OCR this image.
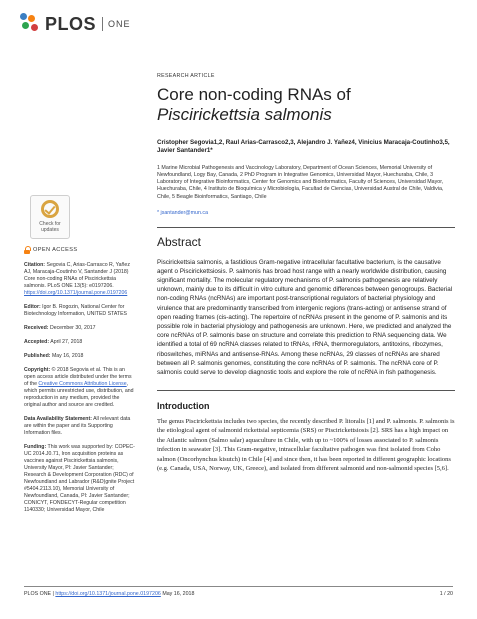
PLOS ONE
Check for
updates
OPEN ACCESS
Citation: Segovia C, Arias-Carrasco R, Yañez AJ, Maracaja-Coutinho V, Santander J (2018) Core non-coding RNAs of Piscirickettsia salmonis. PLoS ONE 13(5): e0197206. https://doi.org/10.1371/journal.pone.0197206
Editor: Igor B. Rogozin, National Center for Biotechnology Information, UNITED STATES
Received: December 30, 2017
Accepted: April 27, 2018
Published: May 16, 2018
Copyright: © 2018 Segovia et al. This is an open access article distributed under the terms of the Creative Commons Attribution License, which permits unrestricted use, distribution, and reproduction in any medium, provided the original author and source are credited.
Data Availability Statement: All relevant data are within the paper and its Supporting Information files.
Funding: This work was supported by: COPEC-UC 2014.J0.71, Iron acquisition proteins as vaccines against Piscirickettsia salmonis, University Mayor, PI: Javier Santander; Research & Development Corporation (RDC) of Newfoundland and Labrador (R&D)gnite Project #5404.2113.10), Memorial University of Newfoundland, Canada, PI: Javier Santander; CONICYT, FONDECYT-Regular competition 1140330; Universidad Mayor, Chile
RESEARCH ARTICLE
Core non-coding RNAs of Piscirickettsia salmonis
Cristopher Segovia1,2, Raul Arias-Carrasco2,3, Alejandro J. Yañez4, Vinicius Maracaja-Coutinho3,5, Javier Santander1*
1 Marine Microbial Pathogenesis and Vaccinology Laboratory, Department of Ocean Sciences, Memorial University of Newfoundland, Logy Bay, Canada, 2 PhD Program in Integrative Genomics, Universidad Mayor, Huechuraba, Chile, 3 Laboratory of Integrative Bioinformatics, Center for Genomics and Bioinformatics, Faculty of Sciences, Universidad Mayor, Huechuraba, Chile, 4 Instituto de Bioquímica y Microbiología, Facultad de Ciencias, Universidad Austral de Chile, Valdivia, Chile, 5 Beagle Bioinformatics, Santiago, Chile
* jsantander@mun.ca
Abstract
Piscirickettsia salmonis, a fastidious Gram-negative intracellular facultative bacterium, is the causative agent o Piscirickettsiosis. P. salmonis has broad host range with a nearly worldwide distribution, causing significant mortality. The molecular regulatory mechanisms of P. salmonis pathogenesis are relatively unknown, mainly due to its difficult in vitro culture and genomic differences between genogroups. Bacterial non-coding RNAs (ncRNAs) are important post-transcriptional regulators of bacterial physiology and virulence that are predominantly transcribed from intergenic regions (trans-acting) or antisense strand of open reading frames (cis-acting). The repertoire of ncRNAs present in the genome of P. salmonis and its possible role in bacterial physiology and pathogenesis are unknown. Here, we predicted and analyzed the core ncRNAs of P. salmonis base on structure and correlate this prediction to RNA sequencing data. We identified a total of 69 ncRNA classes related to tRNAs, rRNA, thermoregulators, antitoxins, ribozymes, riboswitches, miRNAs and antisense-RNAs. Among these ncRNAs, 29 classes of ncRNAs are shared between all P. salmonis genomes, constituting the core ncRNAs of P. salmonis. The ncRNA core of P. salmonis could serve to develop diagnostic tools and explore the role of ncRNA in fish pathogenesis.
Introduction
The genus Piscirickettsia includes two species, the recently described P. litoralis [1] and P. salmonis. P. salmonis is the etiological agent of salmonid rickettsial septicemia (SRS) or Piscirickettsiosis [2]. SRS has a high impact on the Atlantic salmon (Salmo salar) aquaculture in Chile, with up to ~100% of losses associated to P. salmonis infection in seawater [3]. This Gram-negative, intracellular facultative pathogen was first isolated from Coho salmon (Oncorhynchus kisutch) in Chile [4] and since then, it has been reported in different geographic locations (e.g. Canada, USA, Norway, UK, Greece), and isolated from different salmonid and non-salmonid species [5,6].
PLOS ONE | https://doi.org/10.1371/journal.pone.0197206 May 16, 2018	1 / 20
